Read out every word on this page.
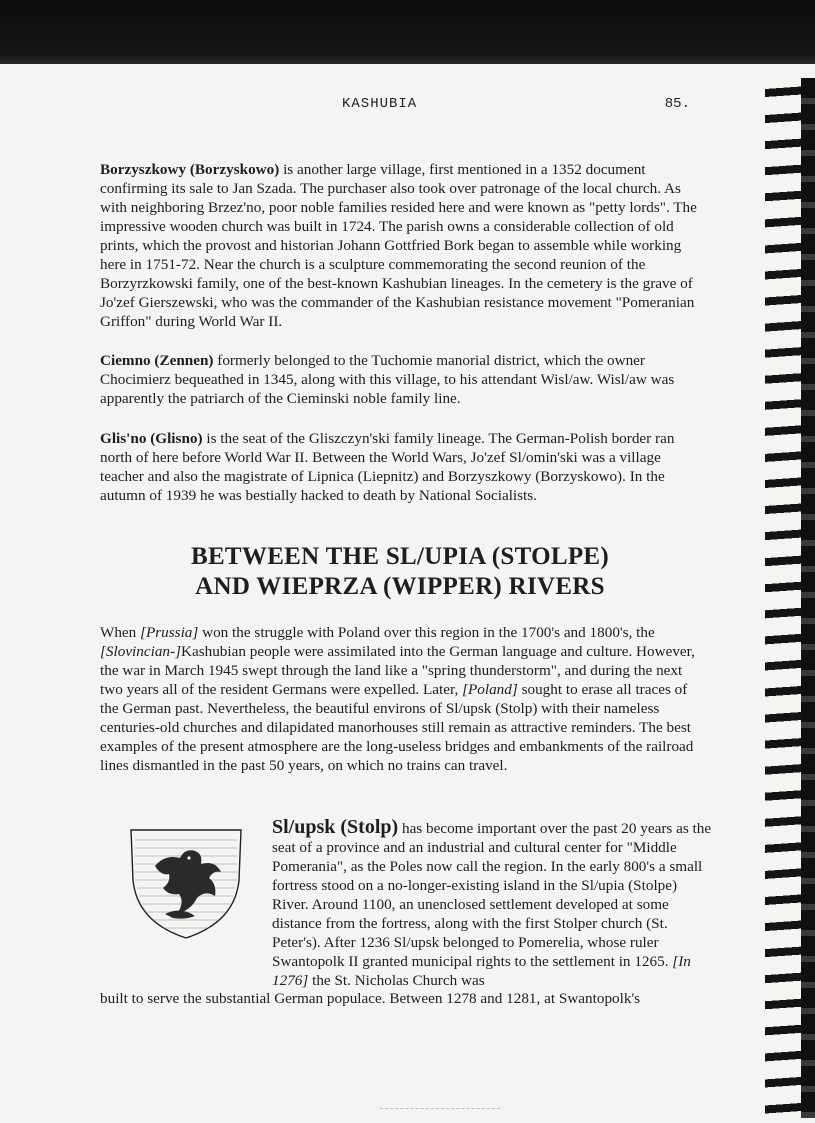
KASHUBIA	85.

Borzyszkowy (Borzyskowo) is another large village, first mentioned in a 1352 document confirming its sale to Jan Szada. The purchaser also took over patronage of the local church. As with neighboring Brzez'no, poor noble families resided here and were known as "petty lords". The impressive wooden church was built in 1724. The parish owns a considerable collection of old prints, which the provost and historian Johann Gottfried Bork began to assemble while working here in 1751-72. Near the church is a sculpture commemorating the second reunion of the Borzyrzkowski family, one of the best-known Kashubian lineages. In the cemetery is the grave of Jo'zef Gierszewski, who was the commander of the Kashubian resistance movement "Pomeranian Griffon" during World War II.

Ciemno (Zennen) formerly belonged to the Tuchomie manorial district, which the owner Chocimierz bequeathed in 1345, along with this village, to his attendant Wisl/aw. Wisl/aw was apparently the patriarch of the Cieminski noble family line.

Glis'no (Glisno) is the seat of the Gliszczyn'ski family lineage. The German-Polish border ran north of here before World War II. Between the World Wars, Jo'zef Sl/omin'ski was a village teacher and also the magistrate of Lipnica (Liepnitz) and Borzyszkowy (Borzyskowo). In the autumn of 1939 he was bestially hacked to death by National Socialists.

BETWEEN THE SL/UPIA (STOLPE)
AND WIEPRZA (WIPPER) RIVERS

When [Prussia] won the struggle with Poland over this region in the 1700's and 1800's, the [Slovincian-]Kashubian people were assimilated into the German language and culture. However, the war in March 1945 swept through the land like a "spring thunderstorm", and during the next two years all of the resident Germans were expelled. Later, [Poland] sought to erase all traces of the German past. Nevertheless, the beautiful environs of Sl/upsk (Stolp) with their nameless centuries-old churches and dilapidated manorhouses still remain as attractive reminders. The best examples of the present atmosphere are the long-useless bridges and embankments of the railroad lines dismantled in the past 50 years, on which no trains can travel.

Sl/upsk (Stolp) has become important over the past 20 years as the seat of a province and an industrial and cultural center for "Middle Pomerania", as the Poles now call the region. In the early 800's a small fortress stood on a no-longer-existing island in the Sl/upia (Stolpe) River. Around 1100, an unenclosed settlement developed at some distance from the fortress, along with the first Stolper church (St. Peter's). After 1236 Sl/upsk belonged to Pomerelia, whose ruler Swantopolk II granted municipal rights to the settlement in 1265. [In 1276] the St. Nicholas Church was

built to serve the substantial German populace. Between 1278 and 1281, at Swantopolk's
